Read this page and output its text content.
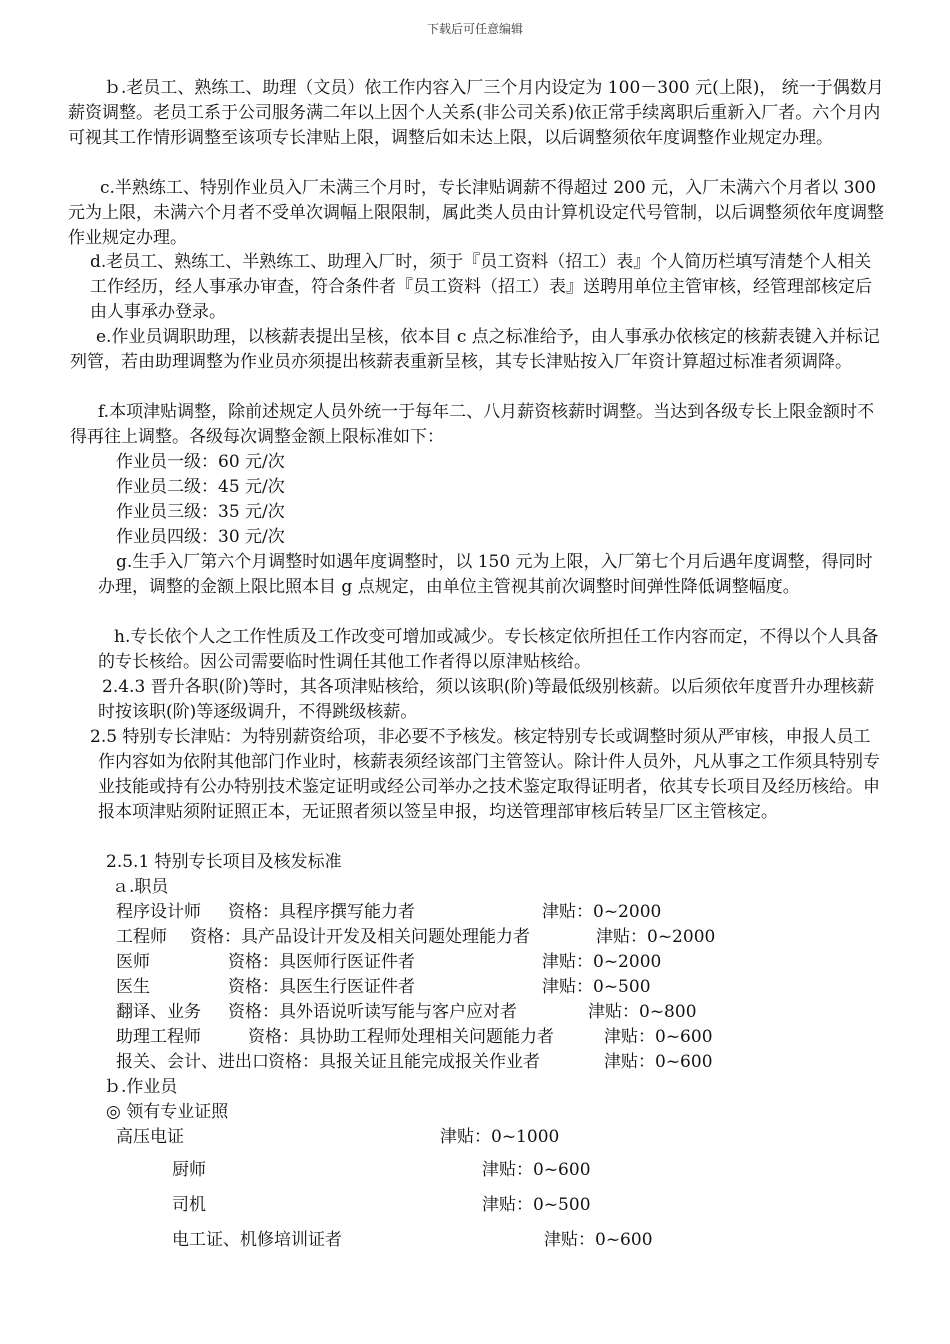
下载后可任意编辑

ｂ.老员工、熟练工、助理（文员）依工作内容入厂三个月内设定为 100－300 元(上限)， 统一于偶数月薪资调整。老员工系于公司服务满二年以上因个人关系(非公司关系)依正常手续离职后重新入厂者。六个月内可视其工作情形调整至该项专长津贴上限，调整后如未达上限，以后调整须依年度调整作业规定办理。

c.半熟练工、特别作业员入厂未满三个月时，专长津贴调薪不得超过 200 元，入厂未满六个月者以 300 元为上限，未满六个月者不受单次调幅上限限制，属此类人员由计算机设定代号管制，以后调整须依年度调整作业规定办理。

d.老员工、熟练工、半熟练工、助理入厂时，须于『员工资料（招工）表』个人简历栏填写清楚个人相关工作经历，经人事承办审查，符合条件者『员工资料（招工）表』送聘用单位主管审核，经管理部核定后由人事承办登录。

e.作业员调职助理，以核薪表提出呈核，依本目 c 点之标准给予，由人事承办依核定的核薪表键入并标记列管，若由助理调整为作业员亦须提出核薪表重新呈核，其专长津贴按入厂年资计算超过标准者须调降。

f.本项津贴调整，除前述规定人员外统一于每年二、八月薪资核薪时调整。当达到各级专长上限金额时不得再往上调整。各级每次调整金额上限标准如下：

作业员一级：60 元/次
作业员二级：45 元/次
作业员三级：35 元/次
作业员四级：30 元/次

g.生手入厂第六个月调整时如遇年度调整时，以 150 元为上限，入厂第七个月后遇年度调整，得同时办理，调整的金额上限比照本目 g 点规定，由单位主管视其前次调整时间弹性降低调整幅度。

h.专长依个人之工作性质及工作改变可增加或减少。专长核定依所担任工作内容而定，不得以个人具备的专长核给。因公司需要临时性调任其他工作者得以原津贴核给。

2.4.3 晋升各职(阶)等时，其各项津贴核给，须以该职(阶)等最低级别核薪。以后须依年度晋升办理核薪时按该职(阶)等逐级调升，不得跳级核薪。

2.5 特别专长津贴：为特别薪资给项，非必要不予核发。核定特别专长或调整时须从严审核，申报人员工作内容如为依附其他部门作业时，核薪表须经该部门主管签认。除计件人员外，凡从事之工作须具特别专业技能或持有公办特别技术鉴定证明或经公司举办之技术鉴定取得证明者，依其专长项目及经历核给。申报本项津贴须附证照正本，无证照者须以签呈申报，均送管理部审核后转呈厂区主管核定。

2.5.1 特别专长项目及核发标准
ａ.职员
程序设计师 资格：具程序撰写能力者	津贴：0~2000
工程师 资格：具产品设计开发及相关问题处理能力者	津贴：0~2000
医师	资格：具医师行医证件者	津贴：0~2000
医生	资格：具医生行医证件者	津贴：0~500
翻译、业务 资格：具外语说听读写能与客户应对者	津贴：0~800
助理工程师	资格：具协助工程师处理相关问题能力者	津贴：0~600
报关、会计、进出口 资格：具报关证且能完成报关作业者	津贴：0~600
ｂ.作业员
◎ 领有专业证照
高压电证	津贴：0~1000
厨师	津贴：0~600
司机	津贴：0~500
电工证、机修培训证者	津贴：0~600
